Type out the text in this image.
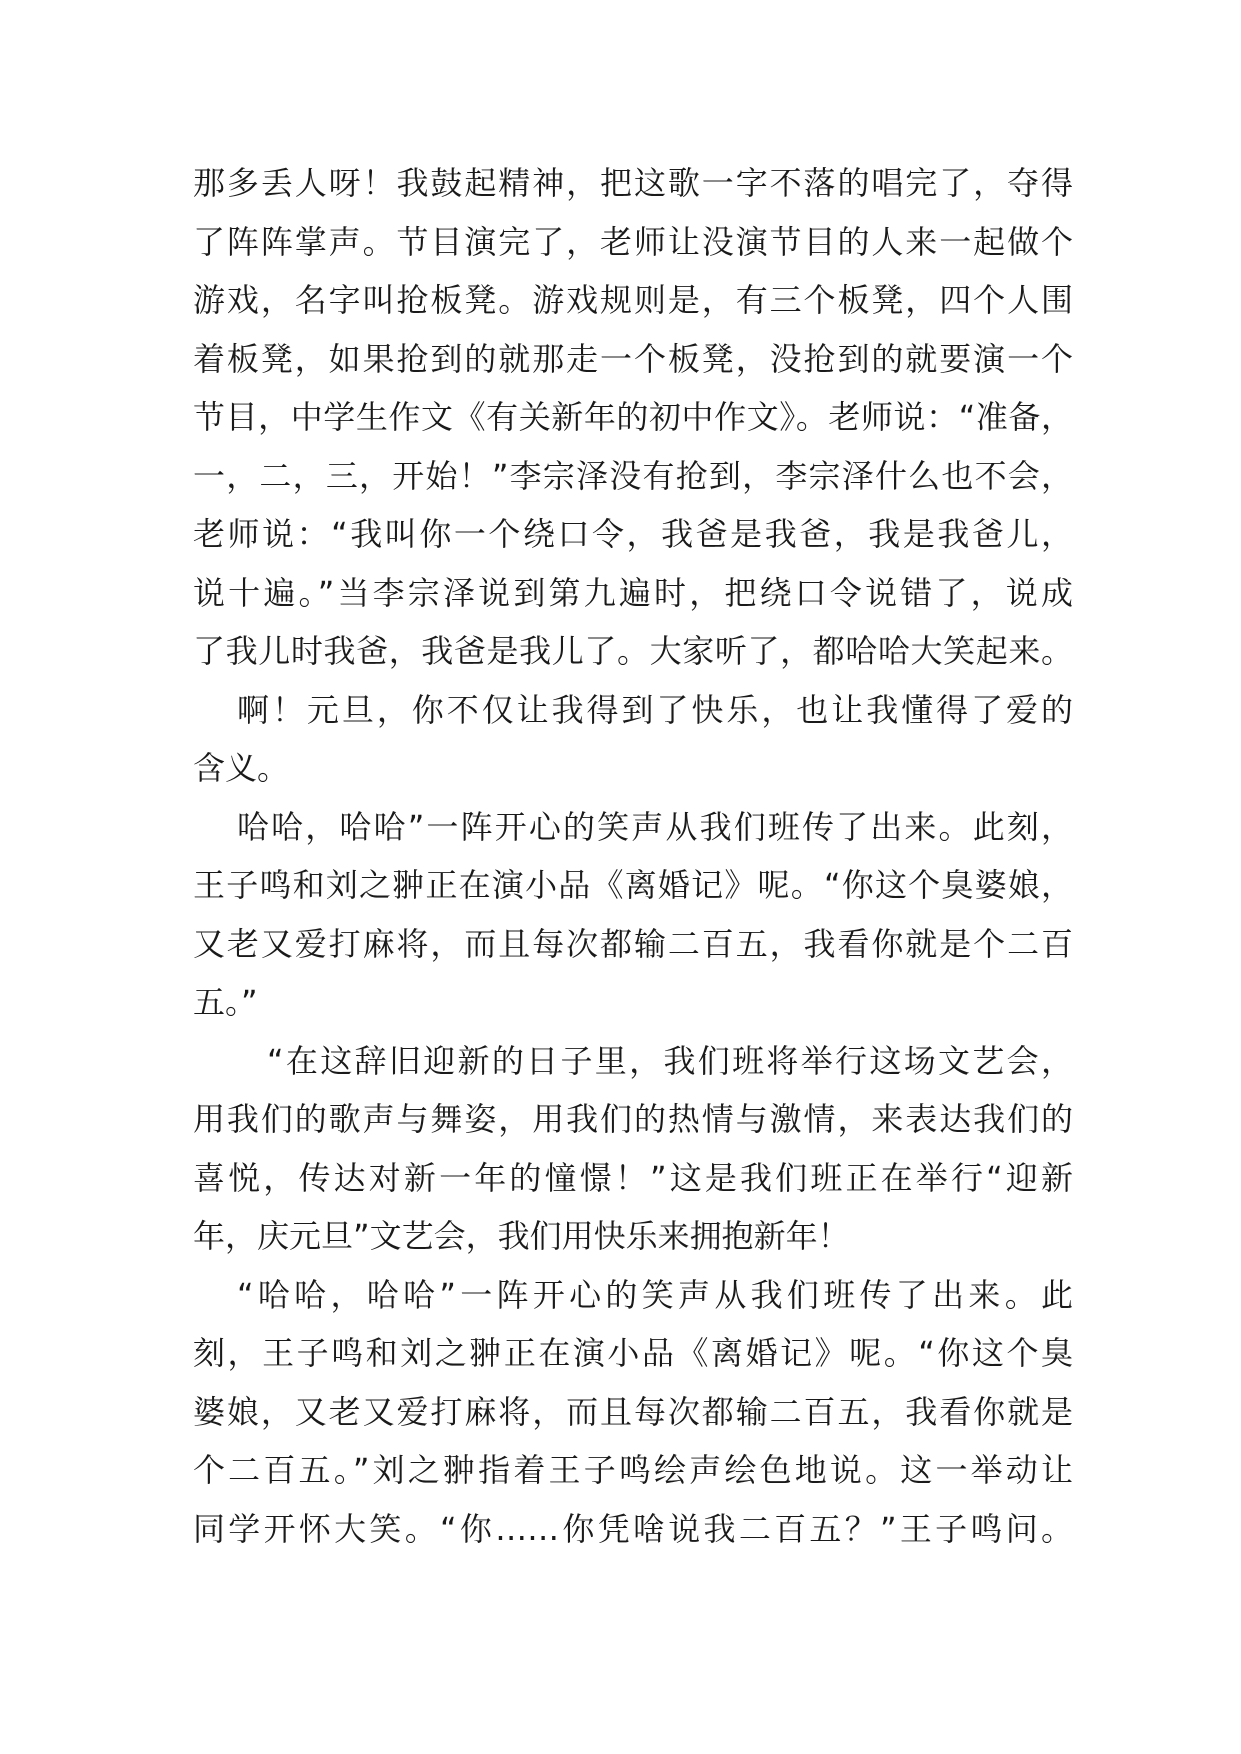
那多丢人呀！我鼓起精神，把这歌一字不落的唱完了，夺得
了阵阵掌声。节目演完了，老师让没演节目的人来一起做个
游戏，名字叫抢板凳。游戏规则是，有三个板凳，四个人围
着板凳，如果抢到的就那走一个板凳，没抢到的就要演一个
节目，中学生作文《有关新年的初中作文》。老师说：“准备，
一，二，三，开始！”李宗泽没有抢到，李宗泽什么也不会，
老师说：“我叫你一个绕口令，我爸是我爸，我是我爸儿，
说十遍。”当李宗泽说到第九遍时，把绕口令说错了，说成
了我儿时我爸，我爸是我儿了。大家听了，都哈哈大笑起来。
啊！元旦，你不仅让我得到了快乐，也让我懂得了爱的
含义。
哈哈，哈哈”一阵开心的笑声从我们班传了出来。此刻，
王子鸣和刘之翀正在演小品《离婚记》呢。“你这个臭婆娘，
又老又爱打麻将，而且每次都输二百五，我看你就是个二百
五。”
“在这辞旧迎新的日子里，我们班将举行这场文艺会，
用我们的歌声与舞姿，用我们的热情与激情，来表达我们的
喜悦，传达对新一年的憧憬！”这是我们班正在举行“迎新
年，庆元旦”文艺会，我们用快乐来拥抱新年！
“哈哈，哈哈”一阵开心的笑声从我们班传了出来。此
刻，王子鸣和刘之翀正在演小品《离婚记》呢。“你这个臭
婆娘，又老又爱打麻将，而且每次都输二百五，我看你就是
个二百五。”刘之翀指着王子鸣绘声绘色地说。这一举动让
同学开怀大笑。“你……你凭啥说我二百五？”王子鸣问。
